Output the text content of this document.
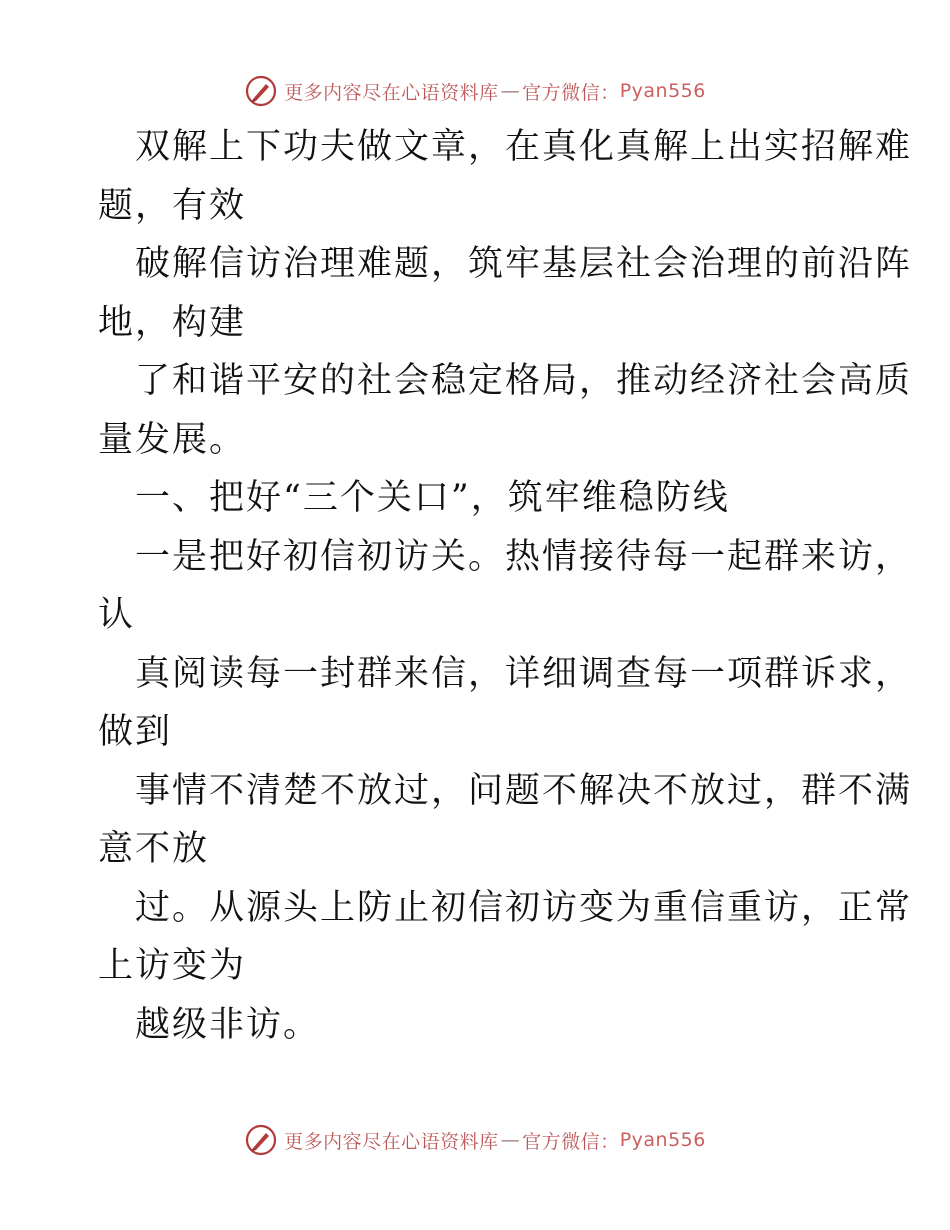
更多内容尽在心语资料库 — 官方微信： Pyan556
双解上下功夫做文章，在真化真解上出实招解难
题，有效
破解信访治理难题，筑牢基层社会治理的前沿阵
地，构建
了和谐平安的社会稳定格局，推动经济社会高质
量发展。
一、把好“三个关口”，筑牢维稳防线
一是把好初信初访关。热情接待每一起群来访，
认
真阅读每一封群来信，详细调查每一项群诉求，
做到
事情不清楚不放过，问题不解决不放过，群不满
意不放
过。从源头上防止初信初访变为重信重访，正常
上访变为
越级非访。
更多内容尽在心语资料库 — 官方微信： Pyan556
